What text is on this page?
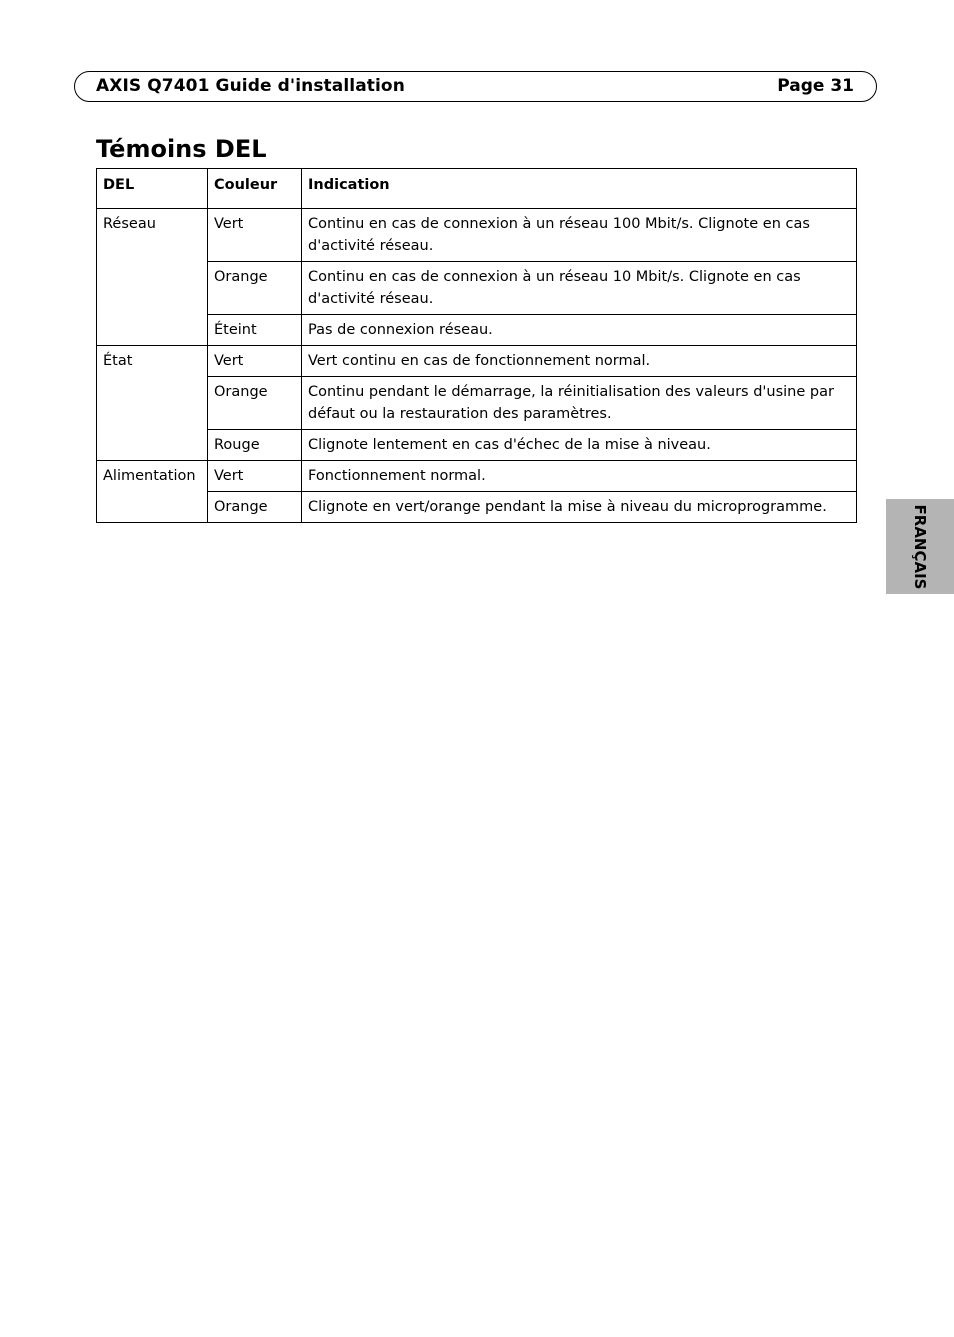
AXIS Q7401 Guide d'installation	Page 31
Témoins DEL
DEL	Couleur	Indication
Réseau	Vert	Continu en cas de connexion à un réseau 100 Mbit/s. Clignote en cas d'activité réseau.
	Orange	Continu en cas de connexion à un réseau 10 Mbit/s. Clignote en cas d'activité réseau.
	Éteint	Pas de connexion réseau.
État	Vert	Vert continu en cas de fonctionnement normal.
	Orange	Continu pendant le démarrage, la réinitialisation des valeurs d'usine par défaut ou la restauration des paramètres.
	Rouge	Clignote lentement en cas d'échec de la mise à niveau.
Alimentation	Vert	Fonctionnement normal.
	Orange	Clignote en vert/orange pendant la mise à niveau du microprogramme.	FRANÇAIS
